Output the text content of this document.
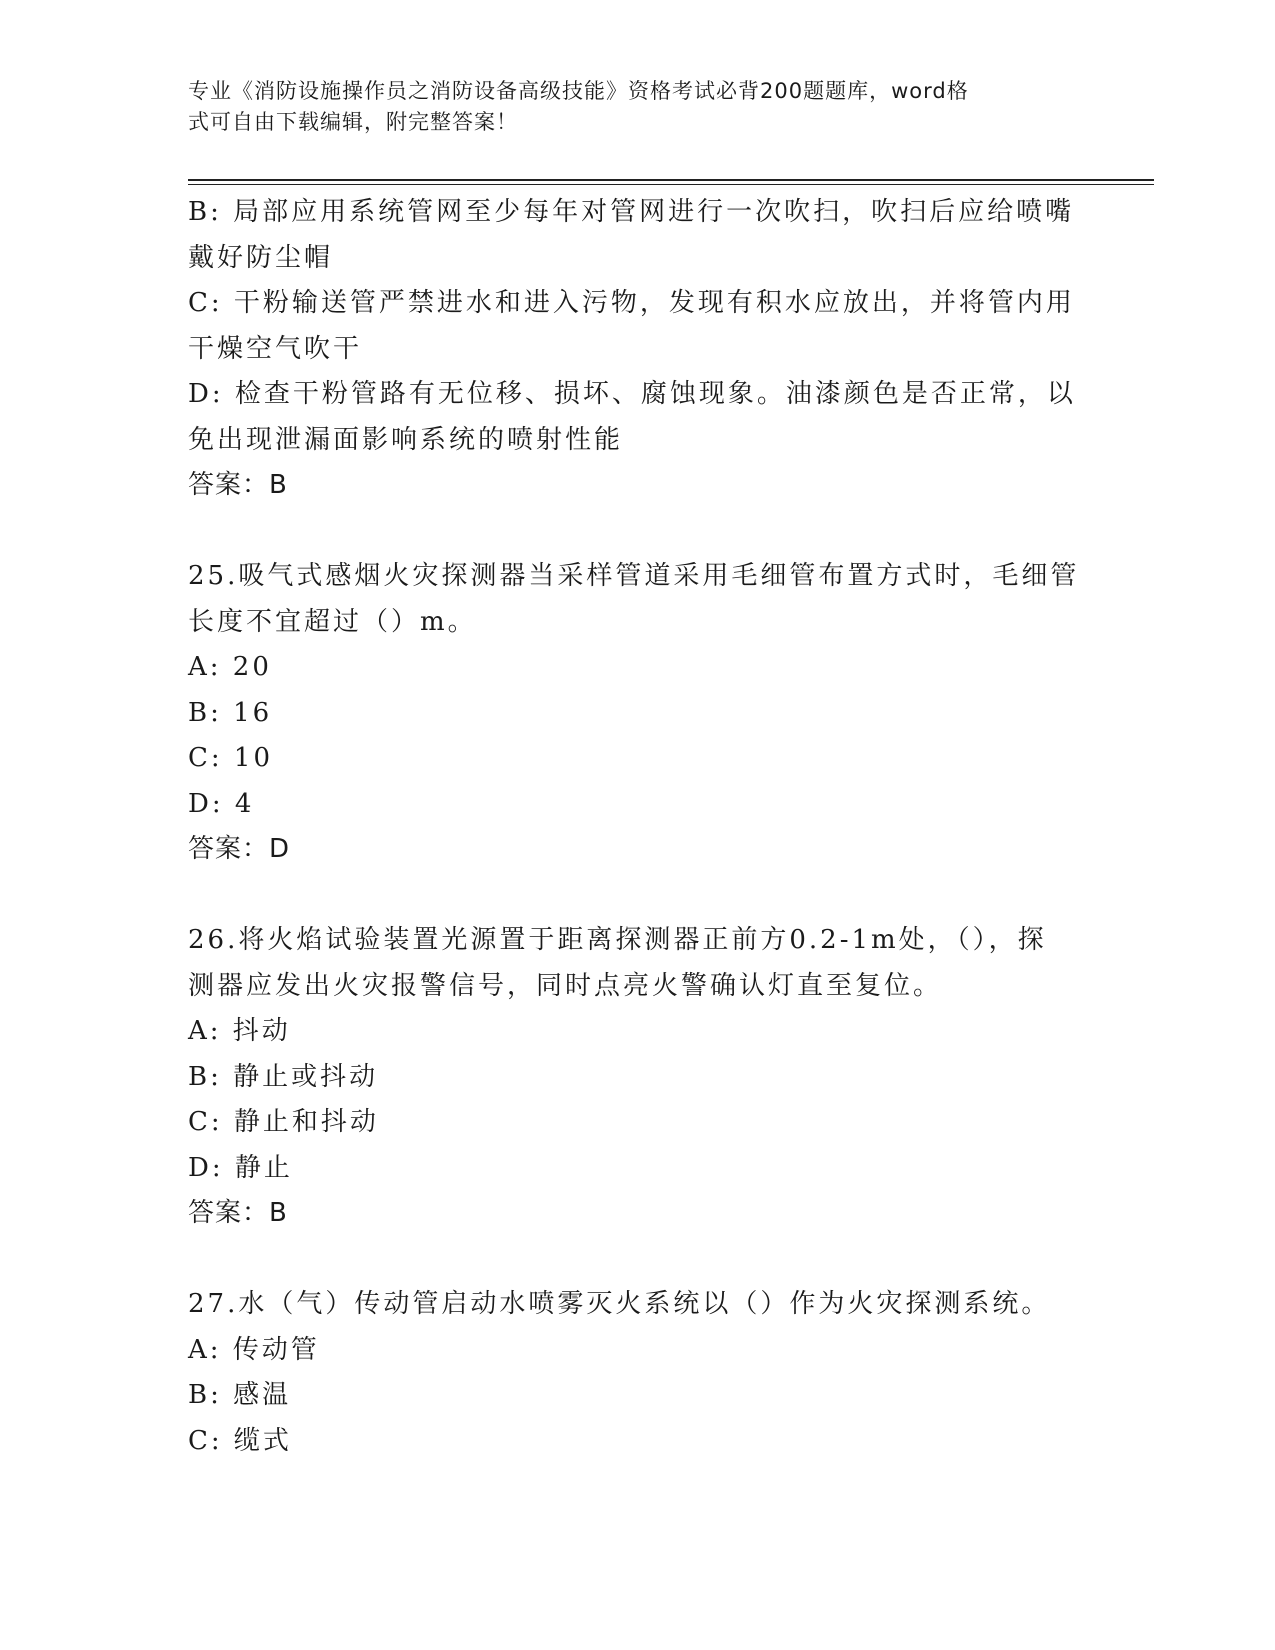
专业《消防设施操作员之消防设备高级技能》资格考试必背200题题库，word格
式可自由下载编辑，附完整答案！
B: 局部应用系统管网至少每年对管网进行一次吹扫，吹扫后应给喷嘴
戴好防尘帽
C: 干粉输送管严禁进水和进入污物，发现有积水应放出，并将管内用
干燥空气吹干
D: 检查干粉管路有无位移、损坏、腐蚀现象。油漆颜色是否正常，以
免出现泄漏面影响系统的喷射性能
答案：B
25.吸气式感烟火灾探测器当采样管道采用毛细管布置方式时，毛细管
长度不宜超过（）m。
A: 20
B: 16
C: 10
D: 4
答案：D
26.将火焰试验装置光源置于距离探测器正前方0.2-1m处，（），探
测器应发出火灾报警信号，同时点亮火警确认灯直至复位。
A: 抖动
B: 静止或抖动
C: 静止和抖动
D: 静止
答案：B
27.水（气）传动管启动水喷雾灭火系统以（）作为火灾探测系统。
A: 传动管
B: 感温
C: 缆式
